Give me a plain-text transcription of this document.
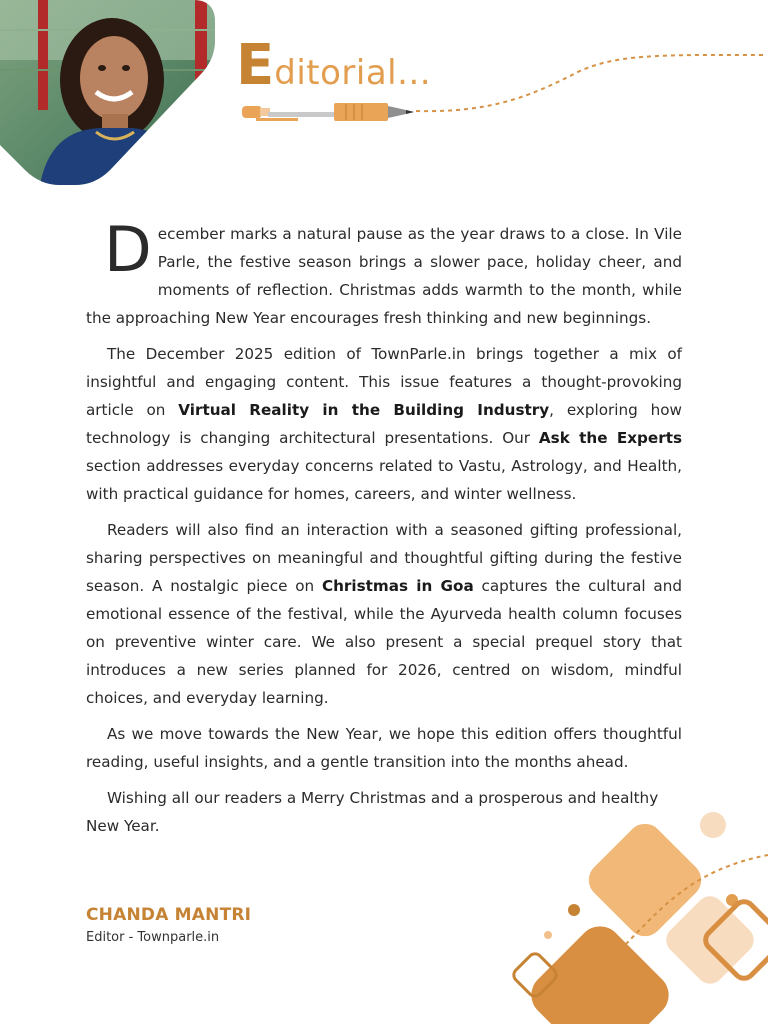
Editorial...

December marks a natural pause as the year draws to a close. In Vile Parle, the festive season brings a slower pace, holiday cheer, and moments of reflection. Christmas adds warmth to the month, while the approaching New Year encourages fresh thinking and new beginnings.

The December 2025 edition of TownParle.in brings together a mix of insightful and engaging content. This issue features a thought-provoking article on Virtual Reality in the Building Industry, exploring how technology is changing architectural presentations. Our Ask the Experts section addresses everyday concerns related to Vastu, Astrology, and Health, with practical guidance for homes, careers, and winter wellness.

Readers will also find an interaction with a seasoned gifting professional, sharing perspectives on meaningful and thoughtful gifting during the festive season. A nostalgic piece on Christmas in Goa captures the cultural and emotional essence of the festival, while the Ayurveda health column focuses on preventive winter care. We also present a special prequel story that introduces a new series planned for 2026, centred on wisdom, mindful choices, and everyday learning.

As we move towards the New Year, we hope this edition offers thoughtful reading, useful insights, and a gentle transition into the months ahead.

Wishing all our readers a Merry Christmas and a prosperous and healthy New Year.

CHANDA MANTRI
Editor - Townparle.in
